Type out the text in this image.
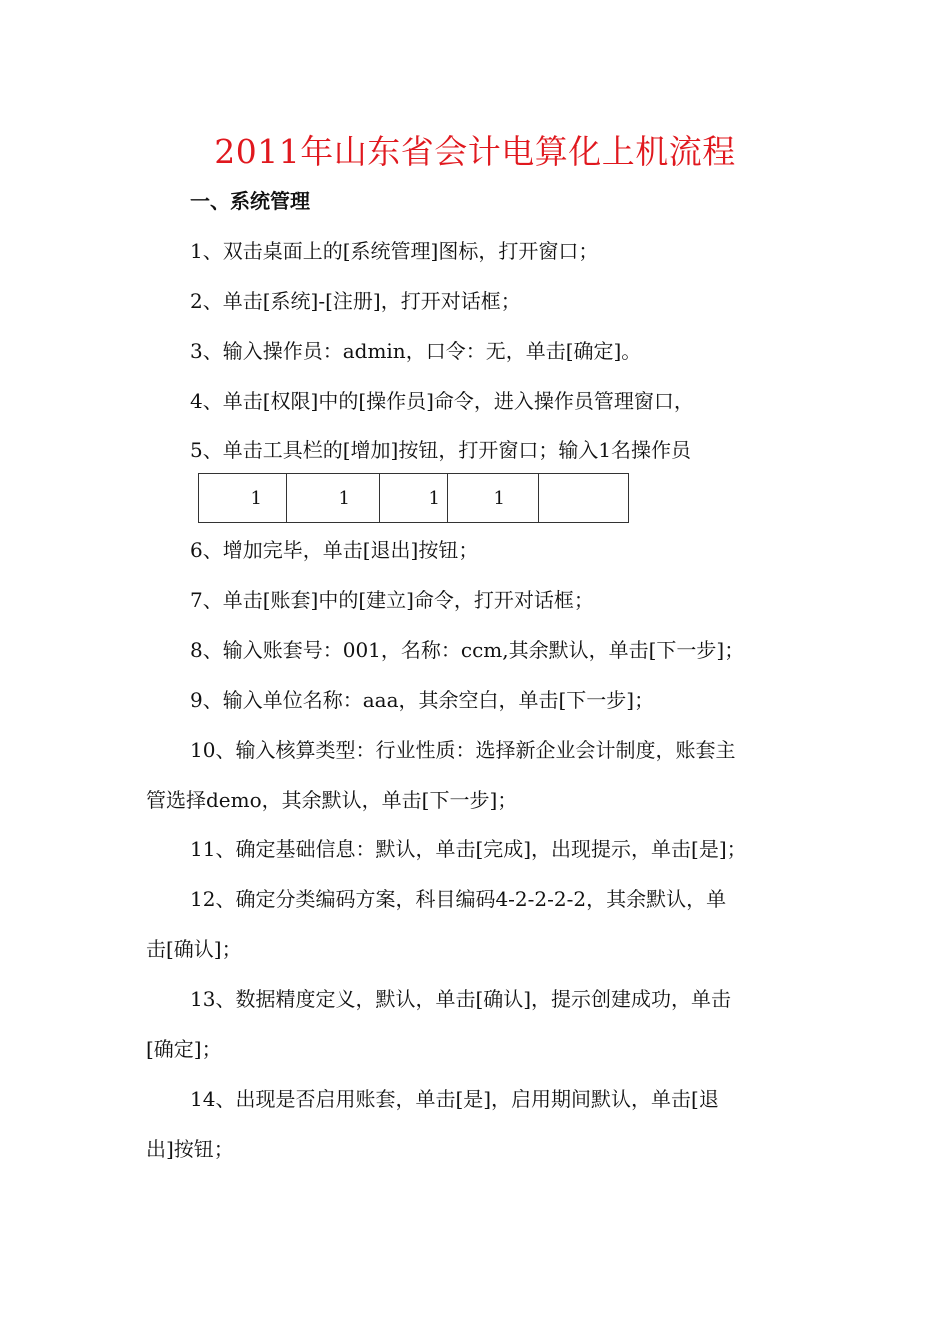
2011年山东省会计电算化上机流程
一、系统管理
1、双击桌面上的[系统管理]图标，打开窗口；
2、单击[系统]-[注册]，打开对话框；
3、输入操作员：admin，口令：无，单击[确定]。
4、单击[权限]中的[操作员]命令，进入操作员管理窗口，
5、单击工具栏的[增加]按钮，打开窗口；输入1名操作员
1	1	1	1	
6、增加完毕，单击[退出]按钮；
7、单击[账套]中的[建立]命令，打开对话框；
8、输入账套号：001，名称：ccm,其余默认，单击[下一步]；
9、输入单位名称：aaa，其余空白，单击[下一步]；
10、输入核算类型：行业性质：选择新企业会计制度，账套主
管选择demo，其余默认，单击[下一步]；
11、确定基础信息：默认，单击[完成]，出现提示，单击[是]；
12、确定分类编码方案，科目编码4-2-2-2-2，其余默认，单
击[确认]；
13、数据精度定义，默认，单击[确认]，提示创建成功，单击
[确定]；
14、出现是否启用账套，单击[是]，启用期间默认，单击[退
出]按钮；
